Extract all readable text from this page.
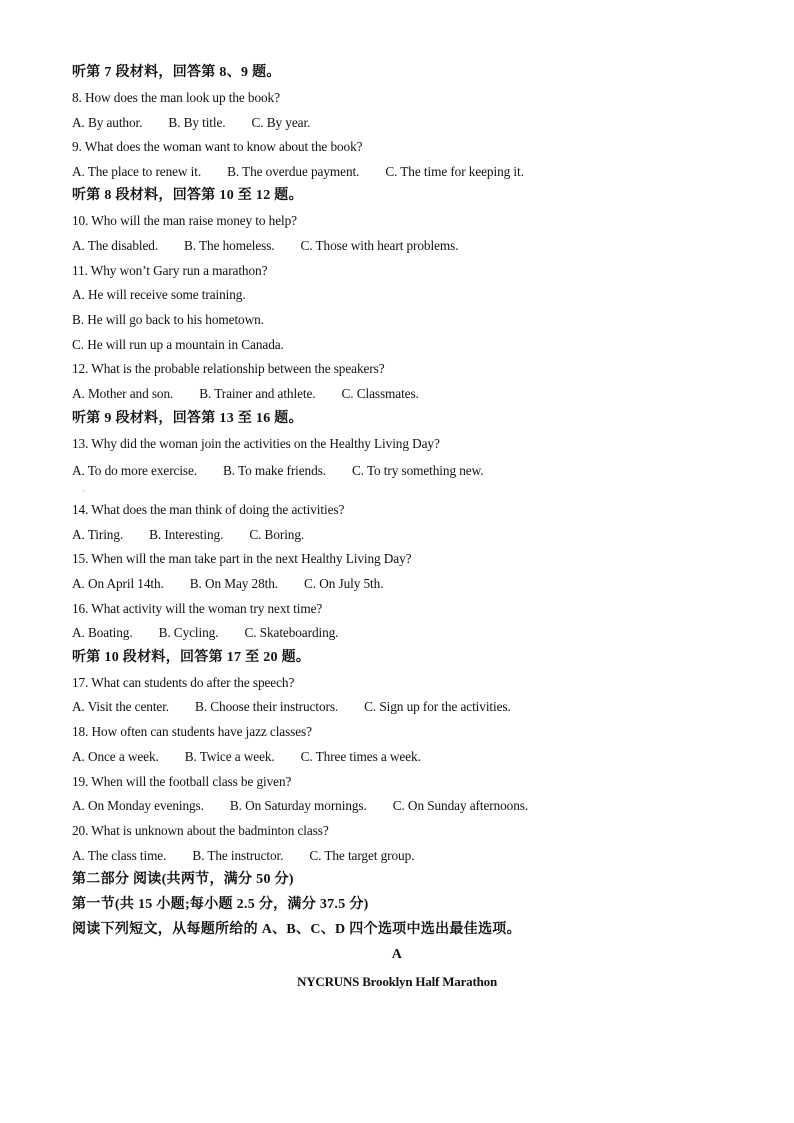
听第 7 段材料，回答第 8、9 题。
8. How does the man look up the book?
A. By author. B. By title. C. By year.
9. What does the woman want to know about the book?
A. The place to renew it. B. The overdue payment. C. The time for keeping it.
听第 8 段材料，回答第 10 至 12 题。
10. Who will the man raise money to help?
A. The disabled. B. The homeless. C. Those with heart problems.
11. Why won’t Gary run a marathon?
A. He will receive some training.
B. He will go back to his hometown.
C. He will run up a mountain in Canada.
12. What is the probable relationship between the speakers?
A. Mother and son. B. Trainer and athlete. C. Classmates.
听第 9 段材料，回答第 13 至 16 题。
13. Why did the woman join the activities on the Healthy Living Day?
A. To do more exercise. B. To make friends. C. To try something new.
·
14. What does the man think of doing the activities?
A. Tiring. B. Interesting. C. Boring.
15. When will the man take part in the next Healthy Living Day?
A. On April 14th. B. On May 28th. C. On July 5th.
16. What activity will the woman try next time?
A. Boating. B. Cycling. C. Skateboarding.
听第 10 段材料，回答第 17 至 20 题。
17. What can students do after the speech?
A. Visit the center. B. Choose their instructors. C. Sign up for the activities.
18. How often can students have jazz classes?
A. Once a week. B. Twice a week. C. Three times a week.
19. When will the football class be given?
A. On Monday evenings. B. On Saturday mornings. C. On Sunday afternoons.
20. What is unknown about the badminton class?
A. The class time. B. The instructor. C. The target group.
第二部分 阅读(共两节，满分 50 分)
第一节(共 15 小题;每小题 2.5 分，满分 37.5 分)
阅读下列短文，从每题所给的 A、B、C、D 四个选项中选出最佳选项。
A
NYCRUNS Brooklyn Half Marathon
